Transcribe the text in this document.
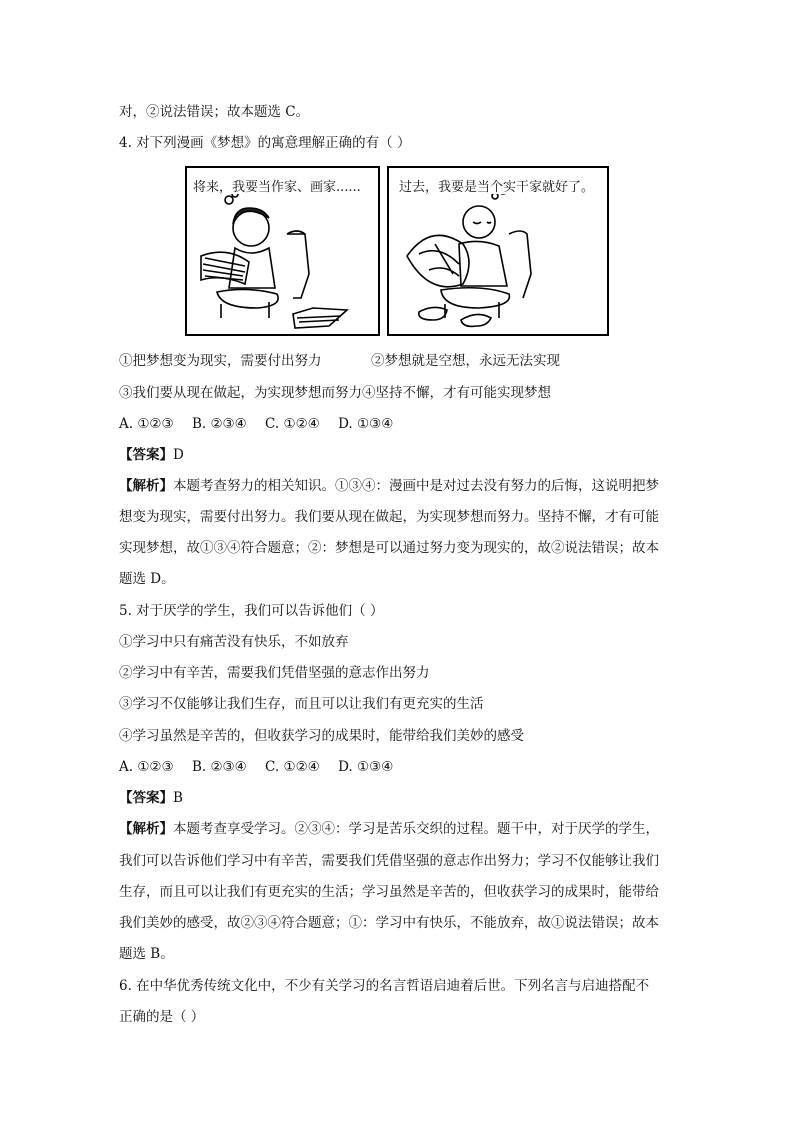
对，②说法错误；故本题选 C。
4. 对下列漫画《梦想》的寓意理解正确的有（ ）
将来，我要当作家、画家......	过去，我要是当个实干家就好了。
①把梦想变为现实，需要付出努力	②梦想就是空想，永远无法实现
③我们要从现在做起，为实现梦想而努力④坚持不懈，才有可能实现梦想
A. ①②③ B. ②③④ C. ①②④ D. ①③④
【答案】D
【解析】本题考查努力的相关知识。①③④：漫画中是对过去没有努力的后悔，这说明把梦
想变为现实，需要付出努力。我们要从现在做起，为实现梦想而努力。坚持不懈，才有可能
实现梦想，故①③④符合题意；②：梦想是可以通过努力变为现实的，故②说法错误；故本
题选 D。
5. 对于厌学的学生，我们可以告诉他们（ ）
①学习中只有痛苦没有快乐，不如放弃
②学习中有辛苦，需要我们凭借坚强的意志作出努力
③学习不仅能够让我们生存，而且可以让我们有更充实的生活
④学习虽然是辛苦的，但收获学习的成果时，能带给我们美妙的感受
A. ①②③ B. ②③④ C. ①②④ D. ①③④
【答案】B
【解析】本题考查享受学习。②③④：学习是苦乐交织的过程。题干中，对于厌学的学生，
我们可以告诉他们学习中有辛苦，需要我们凭借坚强的意志作出努力；学习不仅能够让我们
生存，而且可以让我们有更充实的生活；学习虽然是辛苦的，但收获学习的成果时，能带给
我们美妙的感受，故②③④符合题意；①：学习中有快乐，不能放弃，故①说法错误；故本
题选 B。
6. 在中华优秀传统文化中，不少有关学习的名言哲语启迪着后世。下列名言与启迪搭配不
正确的是（ ）
